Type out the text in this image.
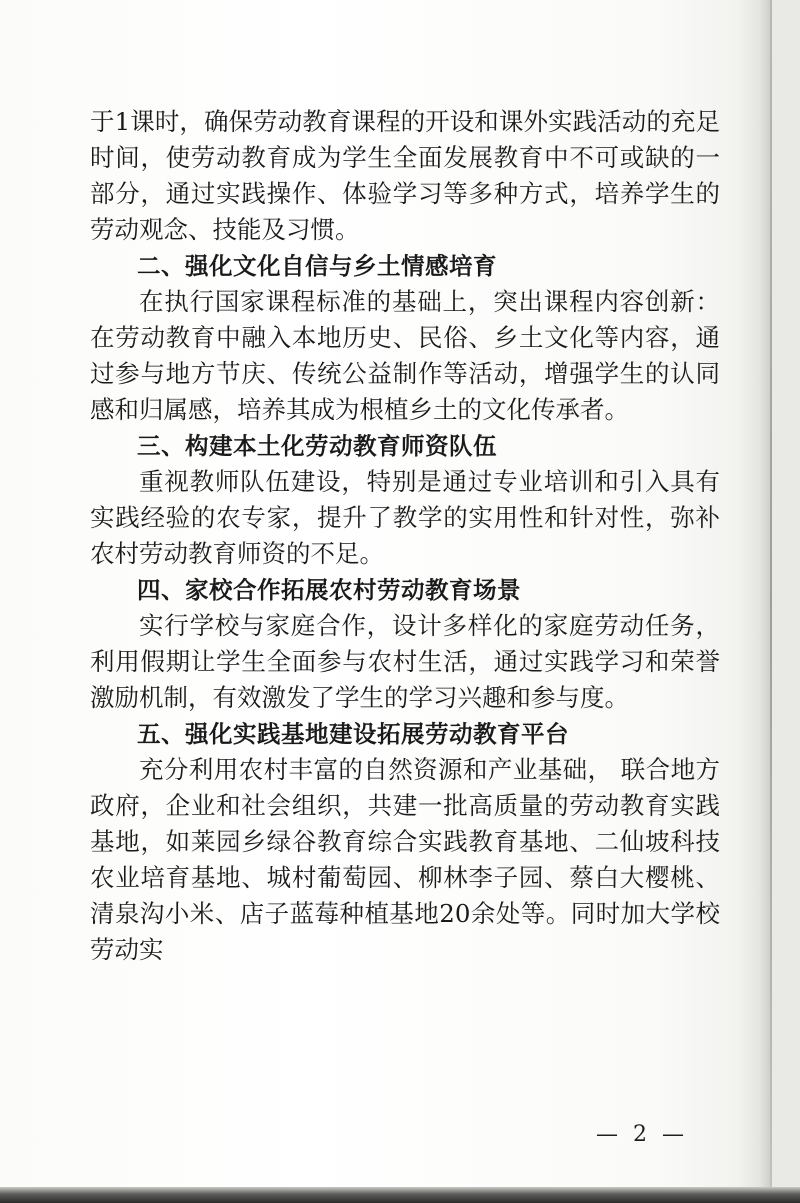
于1课时，确保劳动教育课程的开设和课外实践活动的充足时间，使劳动教育成为学生全面发展教育中不可或缺的一部分，通过实践操作、体验学习等多种方式，培养学生的劳动观念、技能及习惯。

二、强化文化自信与乡土情感培育

在执行国家课程标准的基础上，突出课程内容创新：在劳动教育中融入本地历史、民俗、乡土文化等内容，通过参与地方节庆、传统公益制作等活动，增强学生的认同感和归属感，培养其成为根植乡土的文化传承者。

三、构建本土化劳动教育师资队伍

重视教师队伍建设，特别是通过专业培训和引入具有实践经验的农专家，提升了教学的实用性和针对性，弥补农村劳动教育师资的不足。

四、家校合作拓展农村劳动教育场景

实行学校与家庭合作，设计多样化的家庭劳动任务，利用假期让学生全面参与农村生活，通过实践学习和荣誉激励机制，有效激发了学生的学习兴趣和参与度。

五、强化实践基地建设拓展劳动教育平台

充分利用农村丰富的自然资源和产业基础， 联合地方政府，企业和社会组织，共建一批高质量的劳动教育实践基地，如莱园乡绿谷教育综合实践教育基地、二仙坡科技农业培育基地、城村葡萄园、柳林李子园、蔡白大樱桃、清泉沟小米、店子蓝莓种植基地20余处等。同时加大学校劳动实

— 2 —
